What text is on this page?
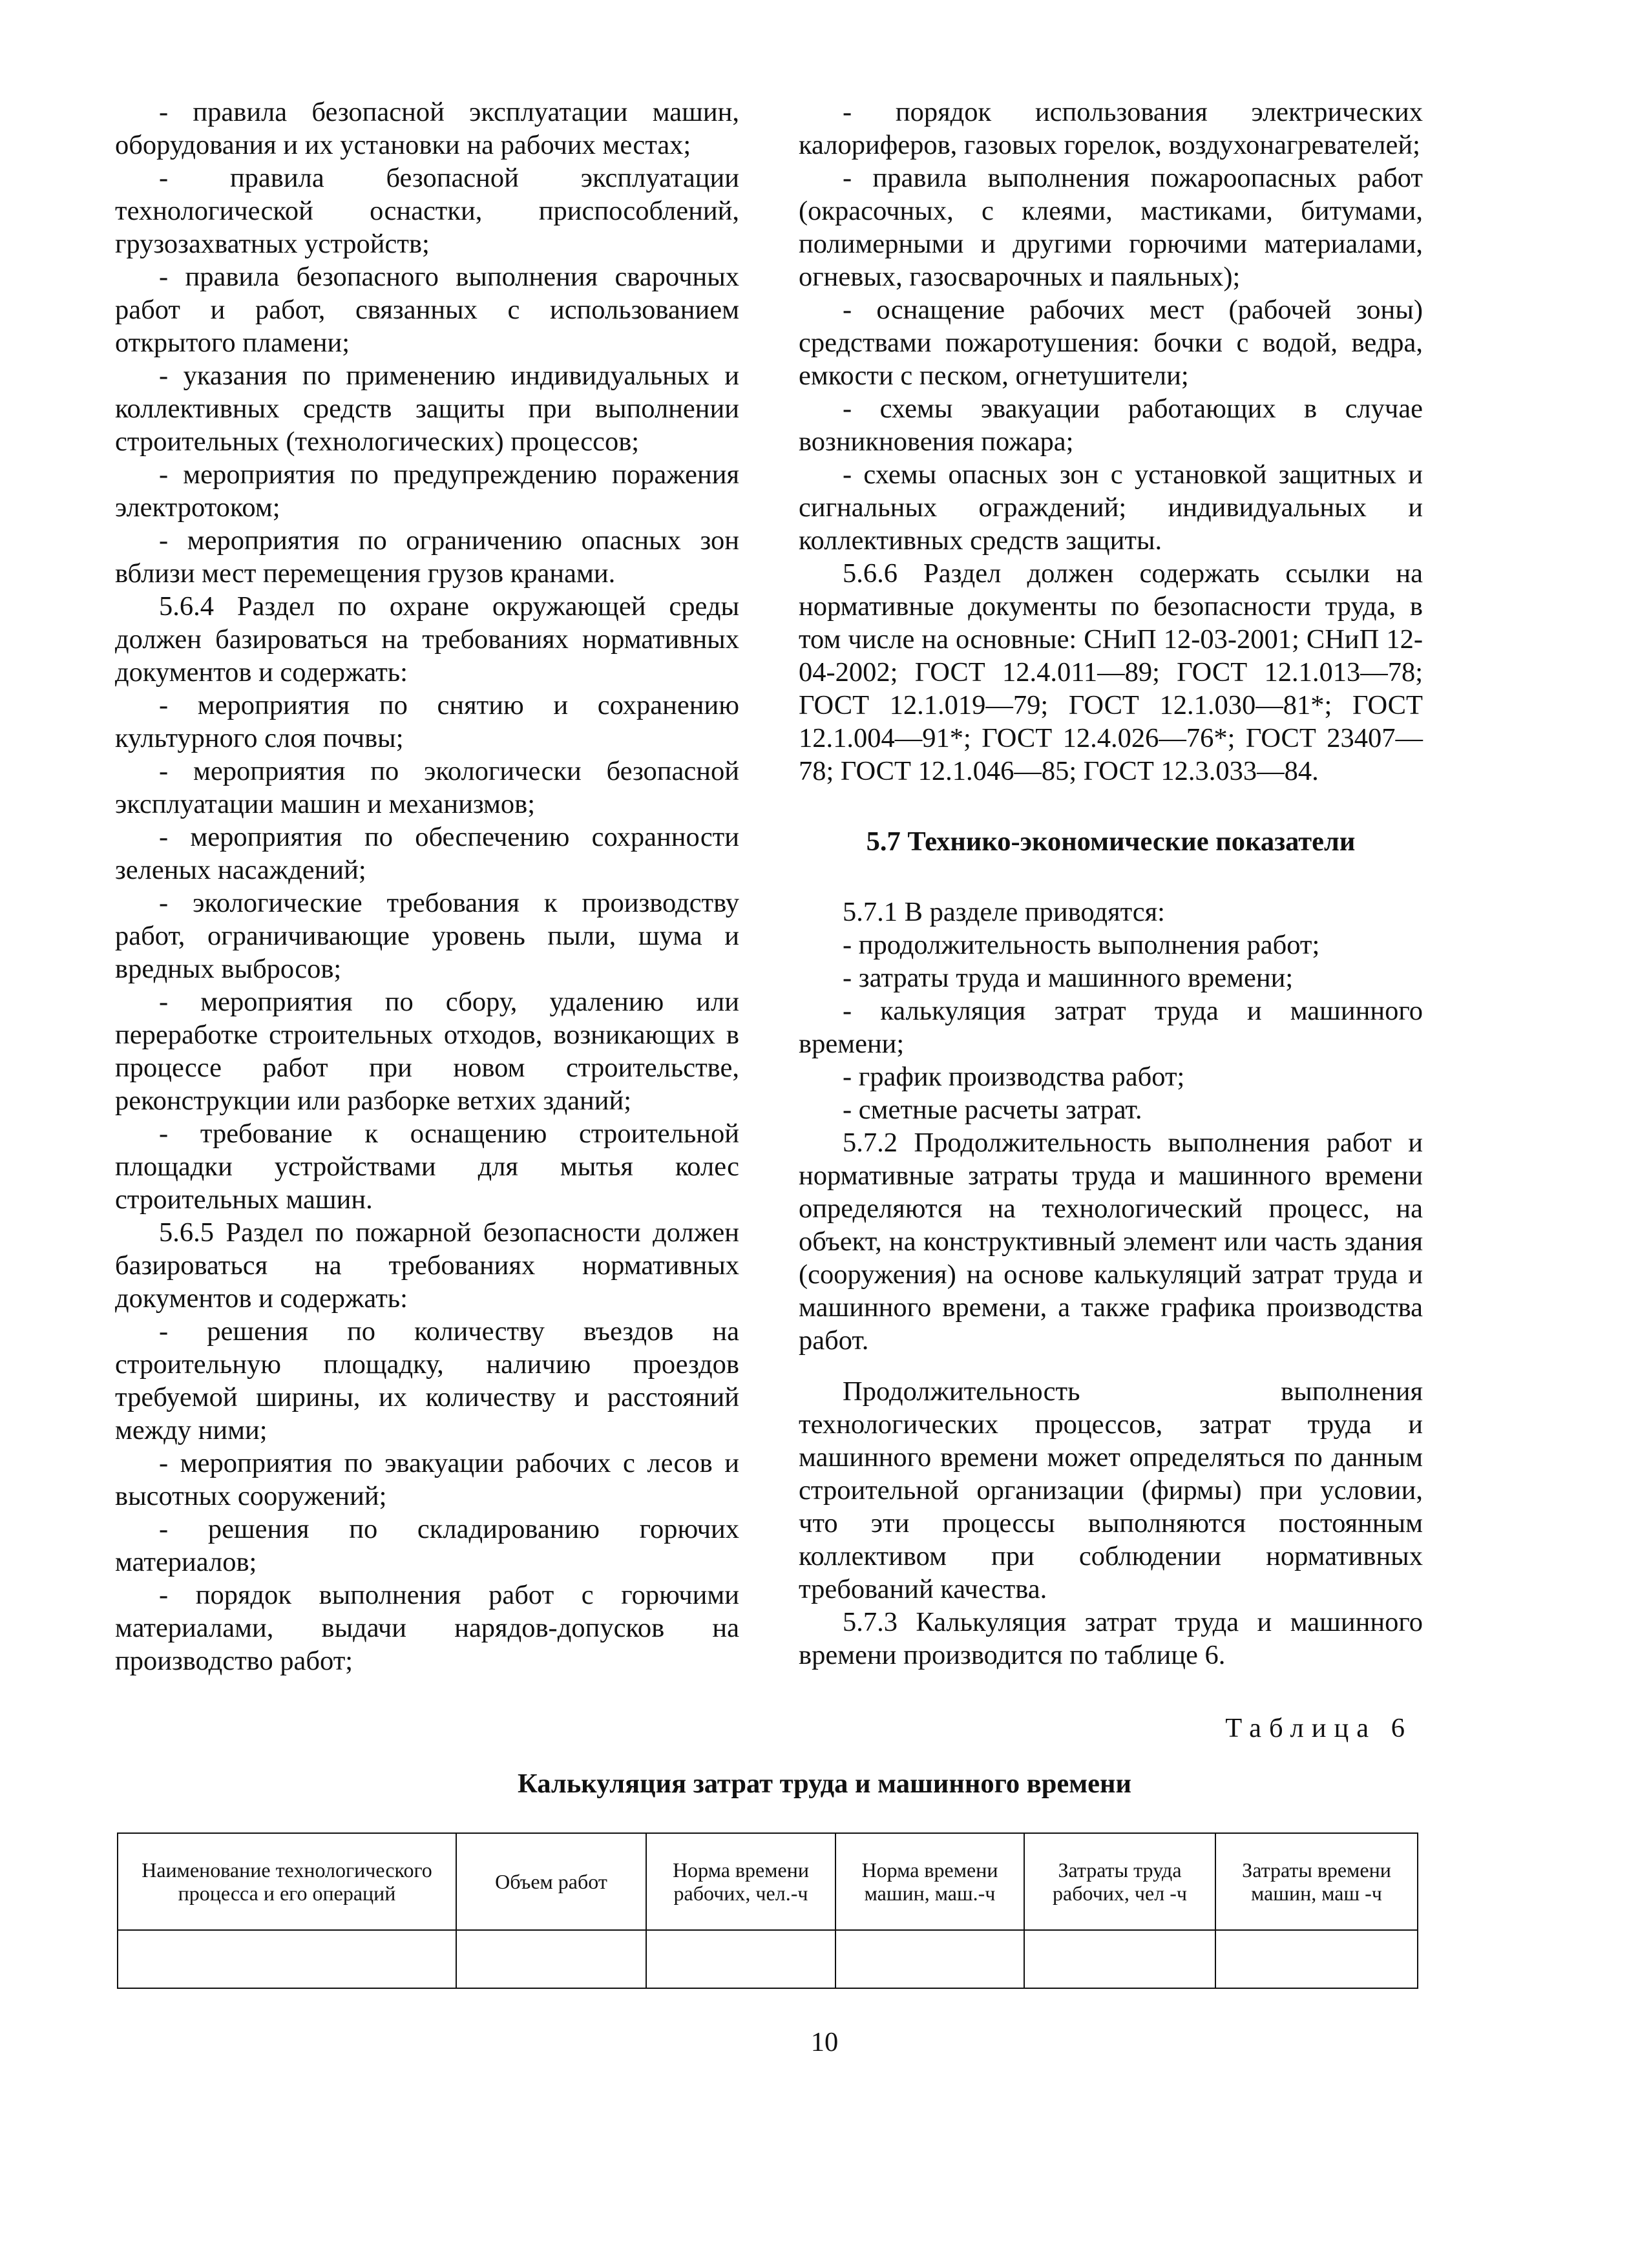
- правила безопасной эксплуатации машин, оборудования и их установки на рабочих местах;

- правила безопасной эксплуатации технологической оснастки, приспособлений, грузозахватных устройств;

- правила безопасного выполнения сварочных работ и работ, связанных с использованием открытого пламени;

- указания по применению индивидуальных и коллективных средств защиты при выполнении строительных (технологических) процессов;

- мероприятия по предупреждению поражения электротоком;

- мероприятия по ограничению опасных зон вблизи мест перемещения грузов кранами.

5.6.4 Раздел по охране окружающей среды должен базироваться на требованиях нормативных документов и содержать:

- мероприятия по снятию и сохранению культурного слоя почвы;

- мероприятия по экологически безопасной эксплуатации машин и механизмов;

- мероприятия по обеспечению сохранности зеленых насаждений;

- экологические требования к производству работ, ограничивающие уровень пыли, шума и вредных выбросов;

- мероприятия по сбору, удалению или переработке строительных отходов, возникающих в процессе работ при новом строительстве, реконструкции или разборке ветхих зданий;

- требование к оснащению строительной площадки устройствами для мытья колес строительных машин.

5.6.5 Раздел по пожарной безопасности должен базироваться на требованиях нормативных документов и содержать:

- решения по количеству въездов на строительную площадку, наличию проездов требуемой ширины, их количеству и расстояний между ними;

- мероприятия по эвакуации рабочих с лесов и высотных сооружений;

- решения по складированию горючих материалов;

- порядок выполнения работ с горючими материалами, выдачи нарядов-допусков на производство работ;

- порядок использования электрических калориферов, газовых горелок, воздухонагревателей;

- правила выполнения пожароопасных работ (окрасочных, с клеями, мастиками, битумами, полимерными и другими горючими материалами, огневых, газосварочных и паяльных);

- оснащение рабочих мест (рабочей зоны) средствами пожаротушения: бочки с водой, ведра, емкости с песком, огнетушители;

- схемы эвакуации работающих в случае возникновения пожара;

- схемы опасных зон с установкой защитных и сигнальных ограждений; индивидуальных и коллективных средств защиты.

5.6.6 Раздел должен содержать ссылки на нормативные документы по безопасности труда, в том числе на основные: СНиП 12-03-2001; СНиП 12-04-2002; ГОСТ 12.4.011—89; ГОСТ 12.1.013—78; ГОСТ 12.1.019—79; ГОСТ 12.1.030—81*; ГОСТ 12.1.004—91*; ГОСТ 12.4.026—76*; ГОСТ 23407—78; ГОСТ 12.1.046—85; ГОСТ 12.3.033—84.

5.7 Технико-экономические показатели

5.7.1 В разделе приводятся:

- продолжительность выполнения работ;

- затраты труда и машинного времени;

- калькуляция затрат труда и машинного времени;

- график производства работ;

- сметные расчеты затрат.

5.7.2 Продолжительность выполнения работ и нормативные затраты труда и машинного времени определяются на технологический процесс, на объект, на конструктивный элемент или часть здания (сооружения) на основе калькуляций затрат труда и машинного времени, а также графика производства работ.

Продолжительность выполнения технологических процессов, затрат труда и машинного времени может определяться по данным строительной организации (фирмы) при условии, что эти процессы выполняются постоянным коллективом при соблюдении нормативных требований качества.

5.7.3 Калькуляция затрат труда и машинного времени производится по таблице 6.

Таблица 6
Калькуляция затрат труда и машинного времени
Наименование технологического процесса и его операций	Объем работ	Норма времени рабочих, чел.-ч	Норма времени машин, маш.-ч	Затраты труда рабочих, чел -ч	Затраты времени машин, маш -ч

10
